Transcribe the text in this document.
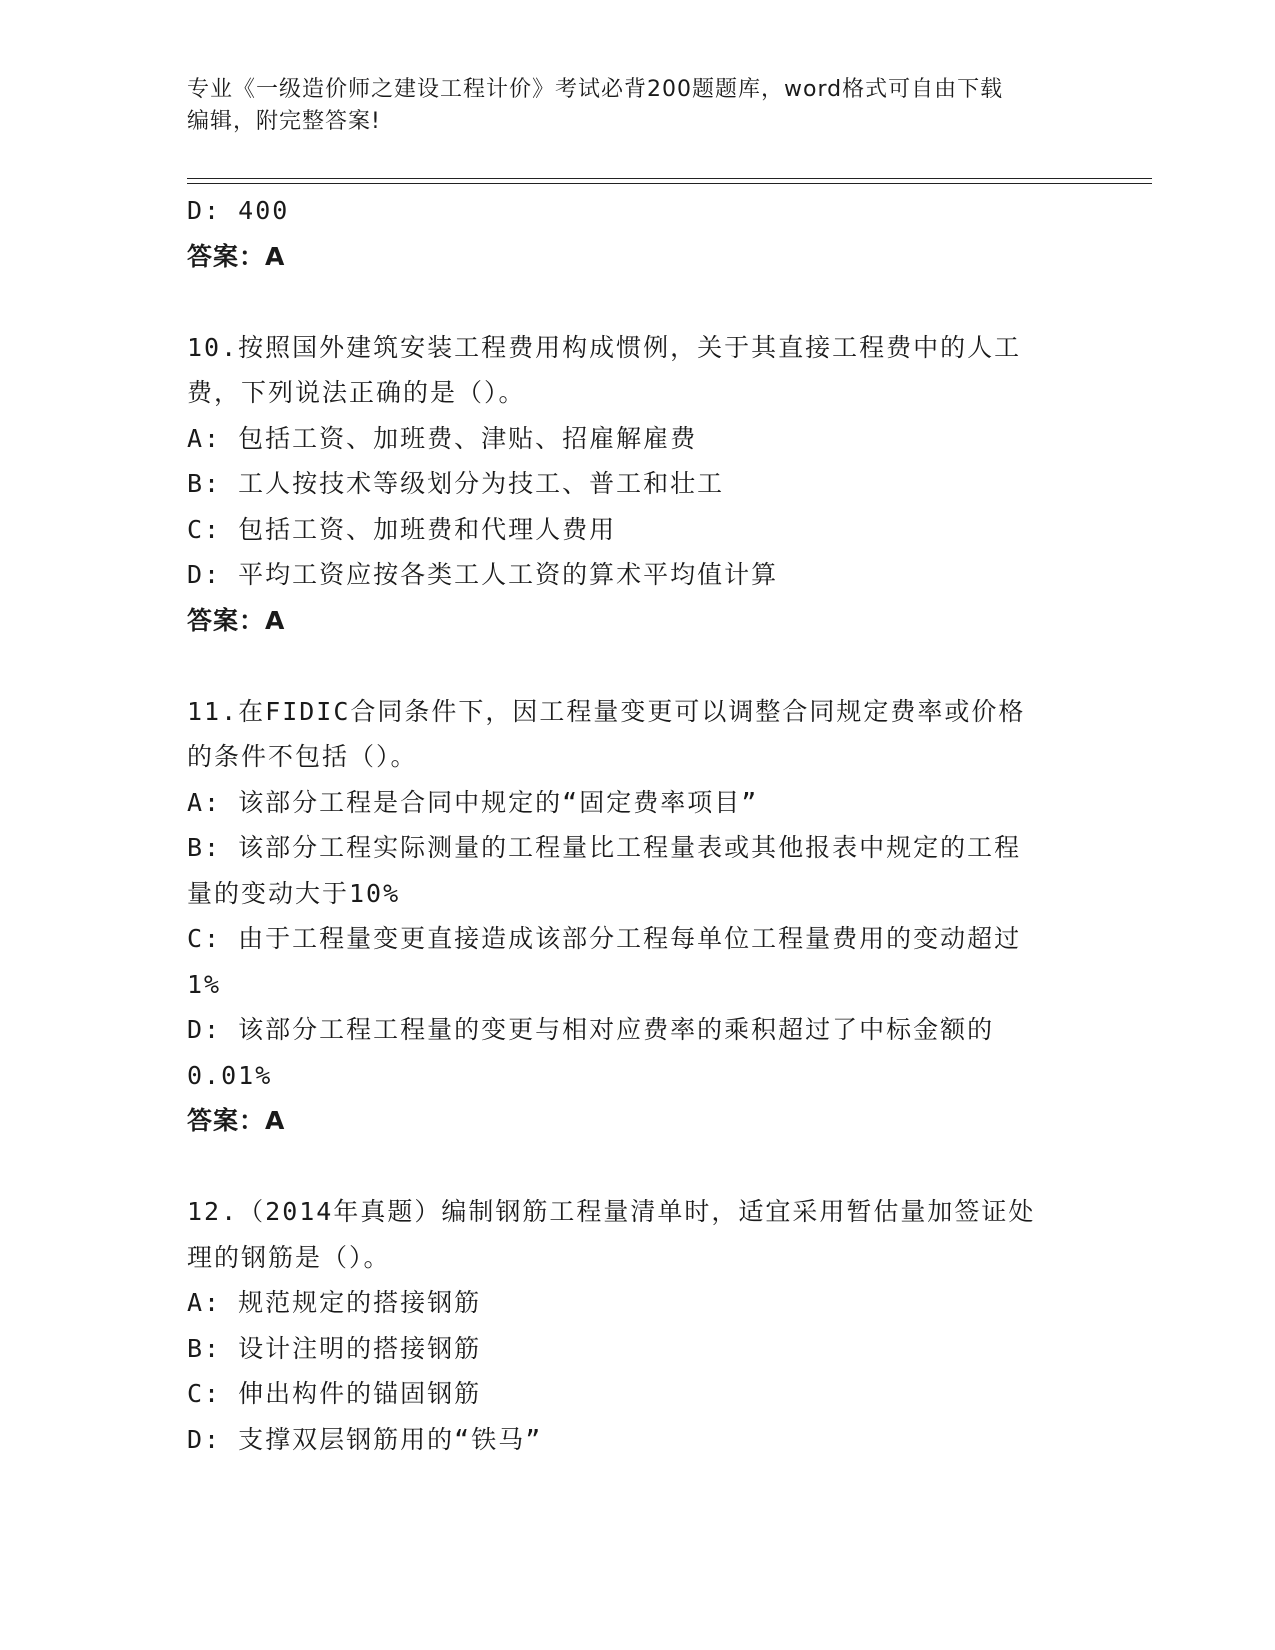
专业《一级造价师之建设工程计价》考试必背200题题库，word格式可自由下载
编辑，附完整答案!

D: 400

答案：A

10.按照国外建筑安装工程费用构成惯例，关于其直接工程费中的人工

费，下列说法正确的是（）。

A: 包括工资、加班费、津贴、招雇解雇费

B: 工人按技术等级划分为技工、普工和壮工

C: 包括工资、加班费和代理人费用

D: 平均工资应按各类工人工资的算术平均值计算

答案：A

11.在FIDIC合同条件下，因工程量变更可以调整合同规定费率或价格

的条件不包括（）。

A: 该部分工程是合同中规定的“固定费率项目”

B: 该部分工程实际测量的工程量比工程量表或其他报表中规定的工程

量的变动大于10%

C: 由于工程量变更直接造成该部分工程每单位工程量费用的变动超过

1%

D: 该部分工程工程量的变更与相对应费率的乘积超过了中标金额的

0.01%

答案：A

12.（2014年真题）编制钢筋工程量清单时，适宜采用暂估量加签证处

理的钢筋是（）。

A: 规范规定的搭接钢筋

B: 设计注明的搭接钢筋

C: 伸出构件的锚固钢筋

D: 支撑双层钢筋用的“铁马”
